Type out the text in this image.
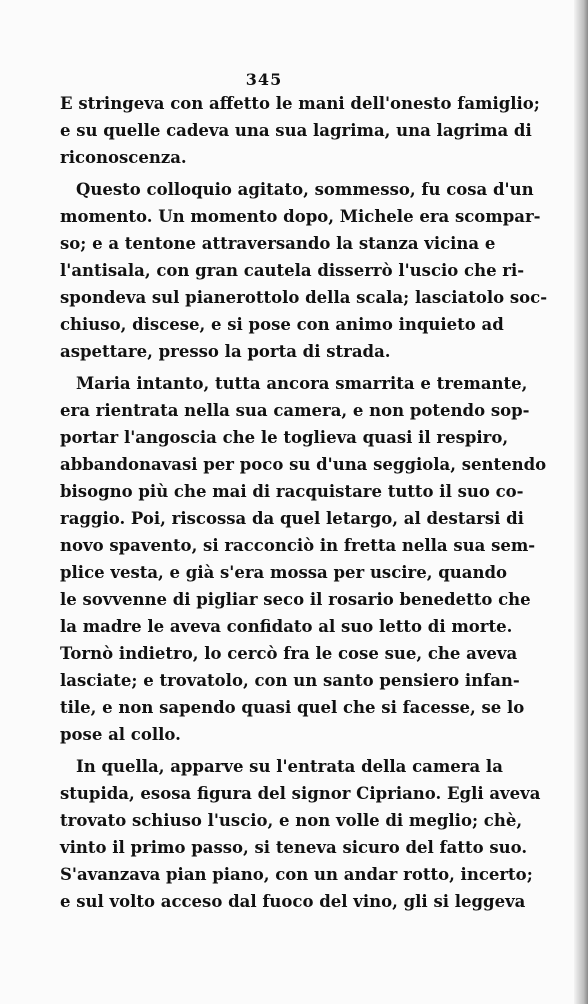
345
E stringeva con affetto le mani dell'onesto famiglio;
e su quelle cadeva una sua lagrima, una lagrima di
riconoscenza.
Questo colloquio agitato, sommesso, fu cosa d'un
momento. Un momento dopo, Michele era scompar-
so; e a tentone attraversando la stanza vicina e
l'antisala, con gran cautela disserrò l'uscio che ri-
spondeva sul pianerottolo della scala; lasciatolo soc-
chiuso, discese, e si pose con animo inquieto ad
aspettare, presso la porta di strada.
Maria intanto, tutta ancora smarrita e tremante,
era rientrata nella sua camera, e non potendo sop-
portar l'angoscia che le toglieva quasi il respiro,
abbandonavasi per poco su d'una seggiola, sentendo
bisogno più che mai di racquistare tutto il suo co-
raggio. Poi, riscossa da quel letargo, al destarsi di
novo spavento, si racconciò in fretta nella sua sem-
plice vesta, e già s'era mossa per uscire, quando
le sovvenne di pigliar seco il rosario benedetto che
la madre le aveva confidato al suo letto di morte.
Tornò indietro, lo cercò fra le cose sue, che aveva
lasciate; e trovatolo, con un santo pensiero infan-
tile, e non sapendo quasi quel che si facesse, se lo
pose al collo.
In quella, apparve su l'entrata della camera la
stupida, esosa figura del signor Cipriano. Egli aveva
trovato schiuso l'uscio, e non volle di meglio; chè,
vinto il primo passo, si teneva sicuro del fatto suo.
S'avanzava pian piano, con un andar rotto, incerto;
e sul volto acceso dal fuoco del vino, gli si leggeva
